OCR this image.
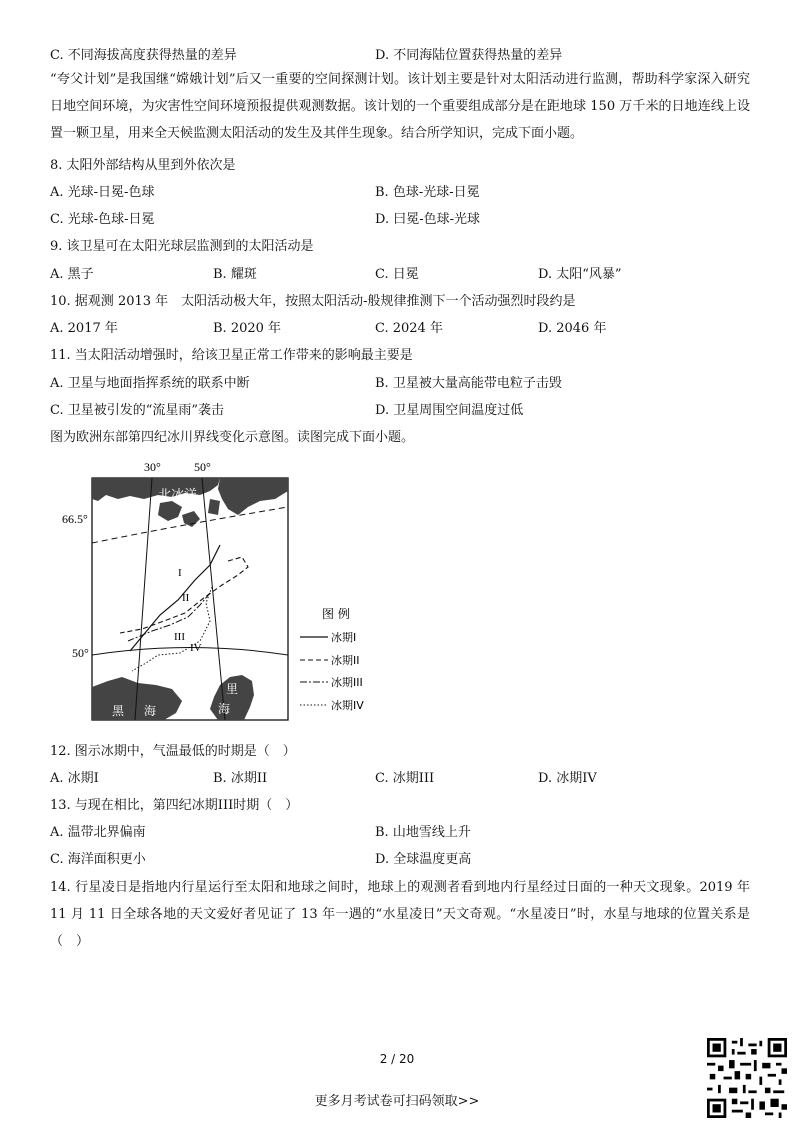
C. 不同海拔高度获得热量的差异	D. 不同海陆位置获得热量的差异
“夸父计划”是我国继“嫦娥计划”后又一重要的空间探测计划。该计划主要是针对太阳活动进行监测，帮助科学家深入研究日地空间环境，为灾害性空间环境预报提供观测数据。该计划的一个重要组成部分是在距地球 150 万千米的日地连线上设置一颗卫星，用来全天候监测太阳活动的发生及其伴生现象。结合所学知识，完成下面小题。
8. 太阳外部结构从里到外依次是
A. 光球-日冕-色球	B. 色球-光球-日冕
C. 光球-色球-日冕	D. 曰冕-色球-光球
9. 该卫星可在太阳光球层监测到的太阳活动是
A. 黑子	B. 耀斑	C. 日冕	D. 太阳“风暴”
10. 据观测 2013 年　太阳活动极大年，按照太阳活动-般规律推测下一个活动强烈时段约是
A. 2017 年	B. 2020 年	C. 2024 年	D. 2046 年
11. 当太阳活动增强时，给该卫星正常工作带来的影响最主要是
A. 卫星与地面指挥系统的联系中断	B. 卫星被大量高能带电粒子击毁
C. 卫星被引发的“流星雨”袭击	D. 卫星周围空间温度过低
图为欧洲东部第四纪冰川界线变化示意图。读图完成下面小题。
30°	50°
66.5°
50°
北冰洋
黑 海
里
海
I
II
III
IV
图 例
冰期I
冰期II
冰期III
冰期IV
12. 图示冰期中，气温最低的时期是（　）
A. 冰期I	B. 冰期II	C. 冰期III	D. 冰期IV
13. 与现在相比，第四纪冰期III时期（　）
A. 温带北界偏南	B. 山地雪线上升
C. 海洋面积更小	D. 全球温度更高
14. 行星凌日是指地内行星运行至太阳和地球之间时，地球上的观测者看到地内行星经过日面的一种天文现象。2019 年 11 月 11 日全球各地的天文爱好者见证了 13 年一遇的“水星凌日”天文奇观。“水星凌日”时，水星与地球的位置关系是（　）
2 / 20
更多月考试卷可扫码领取>>
